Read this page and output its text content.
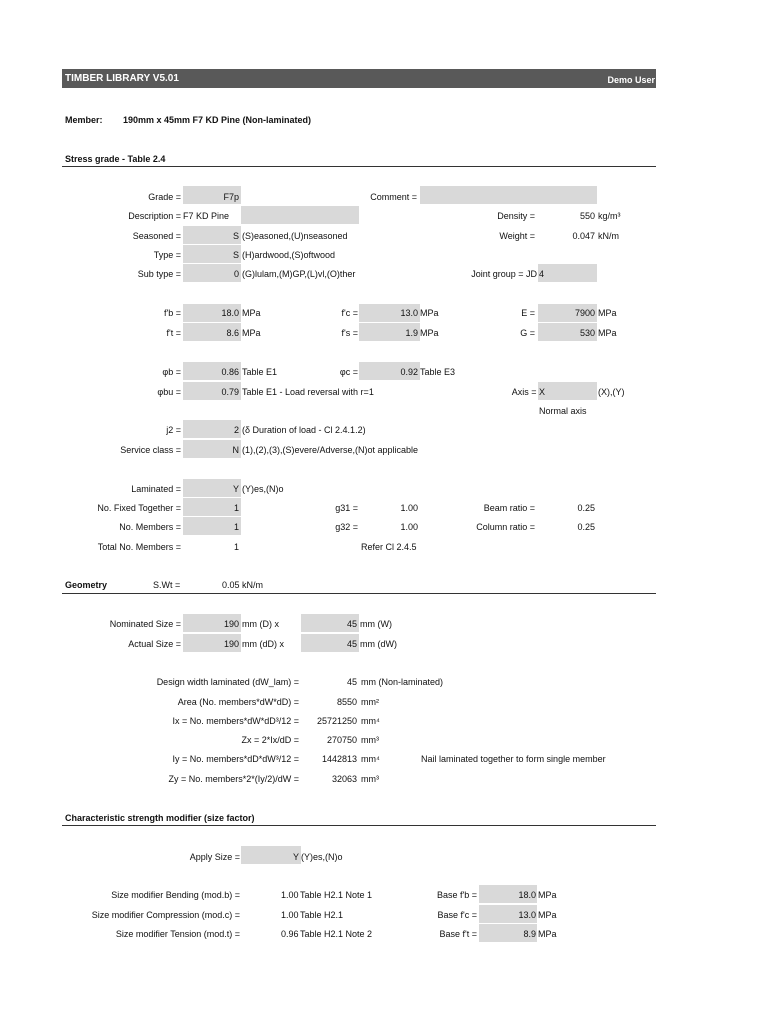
TIMBER LIBRARY V5.01	Demo User
Member: 190mm x 45mm F7 KD Pine (Non-laminated)
Stress grade - Table 2.4
Grade =	F7p	Comment =
Description = F7 KD Pine	Density =	550 kg/m³
Seasoned =	S (S)easoned,(U)nseasoned	Weight =	0.047 kN/m
Type =	S (H)ardwood,(S)oftwood
Sub type =	0 (G)lulam,(M)GP,(L)vl,(O)ther	Joint group = JD 4
f'b =	18.0 MPa	f'c =	13.0 MPa	E =	7900 MPa
f't =	8.6 MPa	f's =	1.9 MPa	G =	530 MPa
φb =	0.86 Table E1	φc =	0.92 Table E3
φbu =	0.79 Table E1 - Load reversal with r=1	Axis = X	(X),(Y)
Normal axis
j2 =	2 (δ Duration of load - Cl 2.4.1.2)
Service class =	N (1),(2),(3),(S)evere/Adverse,(N)ot applicable
Laminated =	Y (Y)es,(N)o
No. Fixed Together =	1	g31 =	1.00	Beam ratio =	0.25
No. Members =	1	g32 =	1.00	Column ratio =	0.25
Total No. Members =	1	Refer Cl 2.4.5
Geometry	S.Wt =	0.05 kN/m
Nominated Size =	190 mm (D) x	45 mm (W)
Actual Size =	190 mm (dD) x	45 mm (dW)
Design width laminated (dW_lam) =	45 mm (Non-laminated)
Area (No. members*dW*dD) =	8550 mm²
Ix = No. members*dW*dD³/12 = 25721250 mm⁴
Zx = 2*Ix/dD =	270750 mm³
Iy = No. members*dD*dW³/12 =	1442813 mm⁴	Nail laminated together to form single member
Zy = No. members*2*(Iy/2)/dW =	32063 mm³
Characteristic strength modifier (size factor)
Apply Size =	Y (Y)es,(N)o
Size modifier Bending (mod.b) =	1.00 Table H2.1 Note 1	Base f'b =	18.0 MPa
Size modifier Compression (mod.c) =	1.00 Table H2.1	Base f'c =	13.0 MPa
Size modifier Tension (mod.t) =	0.96 Table H2.1 Note 2	Base f't =	8.9 MPa
